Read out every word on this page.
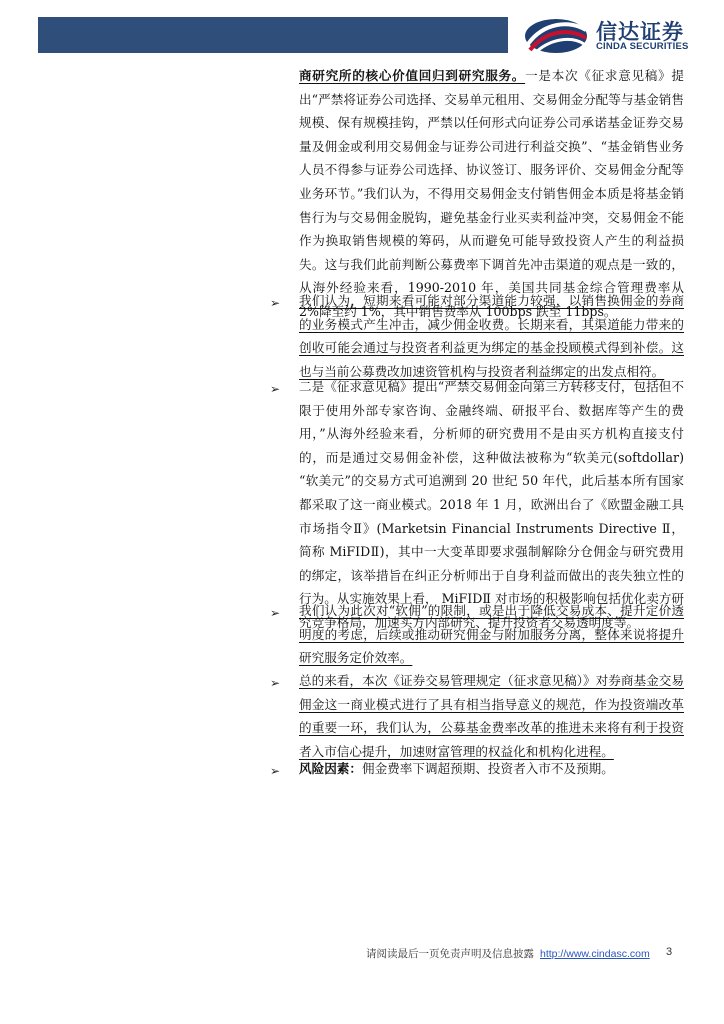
信达证券
CINDA SECURITIES

商研究所的核心价值回归到研究服务。一是本次《征求意见稿》提出“严禁将证券公司选择、交易单元租用、交易佣金分配等与基金销售规模、保有规模挂钩，严禁以任何形式向证券公司承诺基金证券交易量及佣金或利用交易佣金与证券公司进行利益交换”、“基金销售业务人员不得参与证券公司选择、协议签订、服务评价、交易佣金分配等业务环节。”我们认为，不得用交易佣金支付销售佣金本质是将基金销售行为与交易佣金脱钩，避免基金行业买卖利益冲突，交易佣金不能作为换取销售规模的筹码，从而避免可能导致投资人产生的利益损失。这与我们此前判断公募费率下调首先冲击渠道的观点是一致的，从海外经验来看，1990-2010 年，美国共同基金综合管理费率从 2%降至约 1%，其中销售费率从 100bps 跌至 11bps。

➢ 我们认为，短期来看可能对部分渠道能力较强，以销售换佣金的券商的业务模式产生冲击，减少佣金收费。长期来看，其渠道能力带来的创收可能会通过与投资者利益更为绑定的基金投顾模式得到补偿。这也与当前公募费改加速资管机构与投资者利益绑定的出发点相符。

➢ 二是《征求意见稿》提出“严禁交易佣金向第三方转移支付，包括但不限于使用外部专家咨询、金融终端、研报平台、数据库等产生的费用，”从海外经验来看，分析师的研究费用不是由买方机构直接支付的，而是通过交易佣金补偿，这种做法被称为“软美元(softdollar) “软美元”的交易方式可追溯到 20 世纪 50 年代，此后基本所有国家都采取了这一商业模式。2018 年 1 月，欧洲出台了《欧盟金融工具市场指令Ⅱ》(Marketsin Financial Instruments Directive Ⅱ，简称 MiFIDⅡ)，其中一大变革即要求强制解除分仓佣金与研究费用的绑定，该举措旨在纠正分析师出于自身利益而做出的丧失独立性的行为。从实施效果上看， MiFIDⅡ 对市场的积极影响包括优化卖方研究竞争格局，加速买方内部研究、提升投资者交易透明度等。

➢ 我们认为此次对“软佣”的限制，或是出于降低交易成本、提升定价透明度的考虑，后续或推动研究佣金与附加服务分离，整体来说将提升研究服务定价效率。

➢ 总的来看，本次《证券交易管理规定（征求意见稿）》对券商基金交易佣金这一商业模式进行了具有相当指导意义的规范，作为投资端改革的重要一环，我们认为，公募基金费率改革的推进未来将有利于投资者入市信心提升，加速财富管理的权益化和机构化进程。

➢ 风险因素：佣金费率下调超预期、投资者入市不及预期。

请阅读最后一页免责声明及信息披露 http://www.cindasc.com 3
